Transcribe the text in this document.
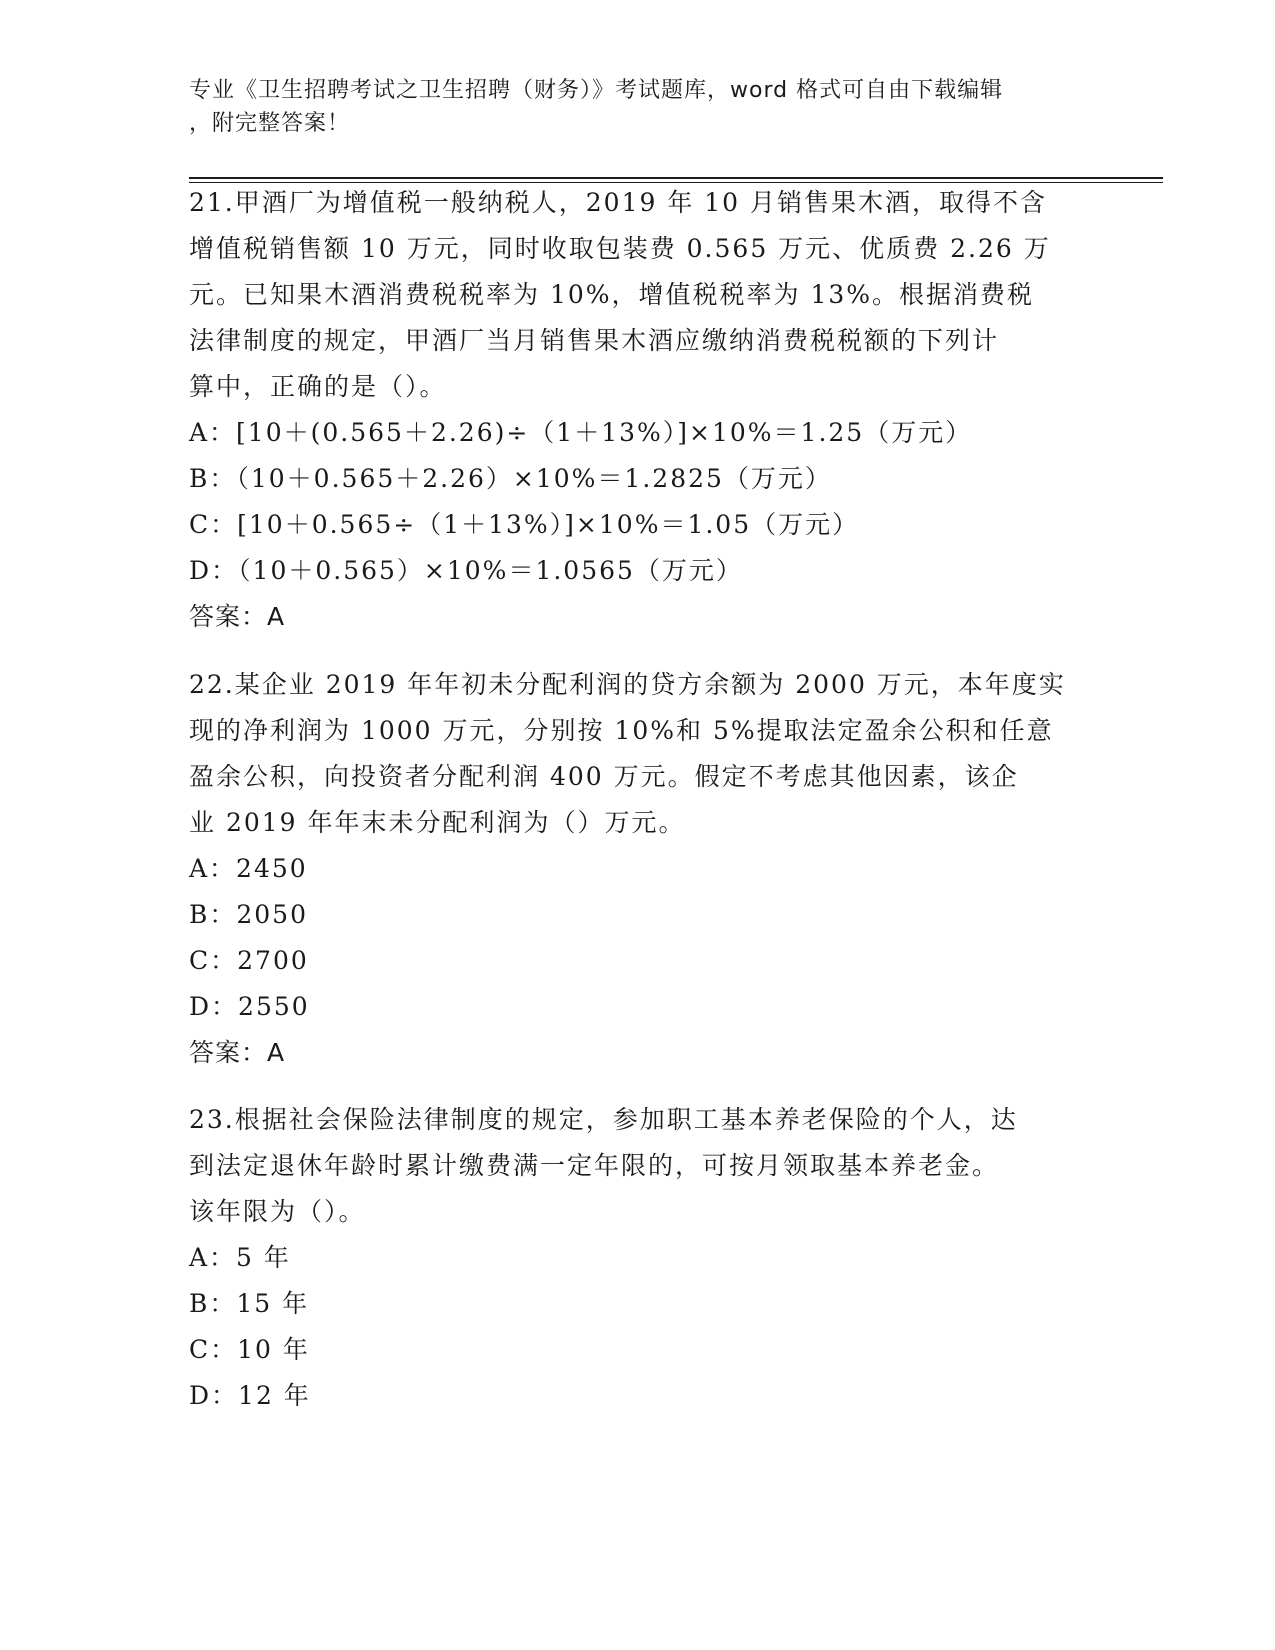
专业《卫生招聘考试之卫生招聘（财务）》考试题库，word 格式可自由下载编辑
，附完整答案！
21.甲酒厂为增值税一般纳税人，2019 年 10 月销售果木酒，取得不含
增值税销售额 10 万元，同时收取包装费 0.565 万元、优质费 2.26 万
元。已知果木酒消费税税率为 10%，增值税税率为 13%。根据消费税
法律制度的规定，甲酒厂当月销售果木酒应缴纳消费税税额的下列计
算中，正确的是（）。
A：[10＋(0.565＋2.26)÷（1＋13%）]×10%＝1.25（万元）
B：（10＋0.565＋2.26）×10%＝1.2825（万元）
C：[10＋0.565÷（1＋13%）]×10%＝1.05（万元）
D：（10＋0.565）×10%＝1.0565（万元）
答案：A
22.某企业 2019 年年初未分配利润的贷方余额为 2000 万元，本年度实
现的净利润为 1000 万元，分别按 10%和 5%提取法定盈余公积和任意
盈余公积，向投资者分配利润 400 万元。假定不考虑其他因素，该企
业 2019 年年末未分配利润为（）万元。
A：2450
B：2050
C：2700
D：2550
答案：A
23.根据社会保险法律制度的规定，参加职工基本养老保险的个人，达
到法定退休年龄时累计缴费满一定年限的，可按月领取基本养老金。
该年限为（）。
A：5 年
B：15 年
C：10 年
D：12 年
